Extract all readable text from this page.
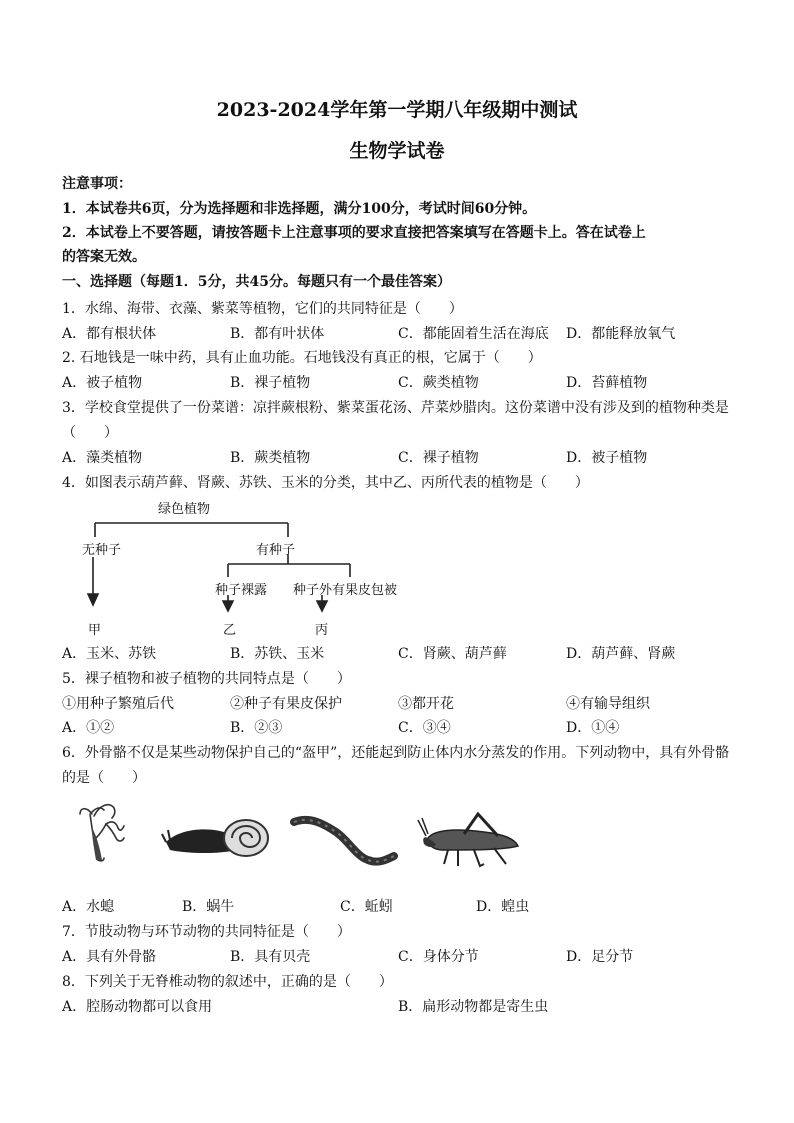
2023-2024学年第一学期八年级期中测试
生物学试卷
注意事项：
1．本试卷共6页，分为选择题和非选择题，满分100分，考试时间60分钟。
2．本试卷上不要答题，请按答题卡上注意事项的要求直接把答案填写在答题卡上。答在试卷上
的答案无效。
一、选择题（每题1．5分，共45分。每题只有一个最佳答案）
1．水绵、海带、衣藻、紫菜等植物，它们的共同特征是（　　）
A．都有根状体	B．都有叶状体	C．都能固着生活在海底 D．都能释放氧气
2. 石地钱是一味中药，具有止血功能。石地钱没有真正的根，它属于（　　）
A．被子植物	B．裸子植物	C．蕨类植物	D．苔藓植物
3．学校食堂提供了一份菜谱：凉拌蕨根粉、紫菜蛋花汤、芹菜炒腊肉。这份菜谱中没有涉及到的植物种类是
（　　）
A．藻类植物	B．蕨类植物	C．裸子植物	D．被子植物
4．如图表示葫芦藓、肾蕨、苏铁、玉米的分类，其中乙、丙所代表的植物是（　　）
绿色植物
无种子	有种子
种子裸露 种子外有果皮包被
甲	乙	丙
A．玉米、苏铁	B．苏铁、玉米	C．肾蕨、葫芦藓	D．葫芦藓、肾蕨
5．裸子植物和被子植物的共同特点是（　　）
①用种子繁殖后代	②种子有果皮保护	③都开花	④有输导组织
A．①②	B．②③	C．③④	D．①④
6．外骨骼不仅是某些动物保护自己的“盔甲”，还能起到防止体内水分蒸发的作用。下列动物中，具有外骨骼
的是（　　）
A．水螅	B．蜗牛	C．蚯蚓	D．蝗虫
7．节肢动物与环节动物的共同特征是（　　）
A．具有外骨骼	B．具有贝壳	C．身体分节	D．足分节
8．下列关于无脊椎动物的叙述中，正确的是（　　）
A．腔肠动物都可以食用	B．扁形动物都是寄生虫
